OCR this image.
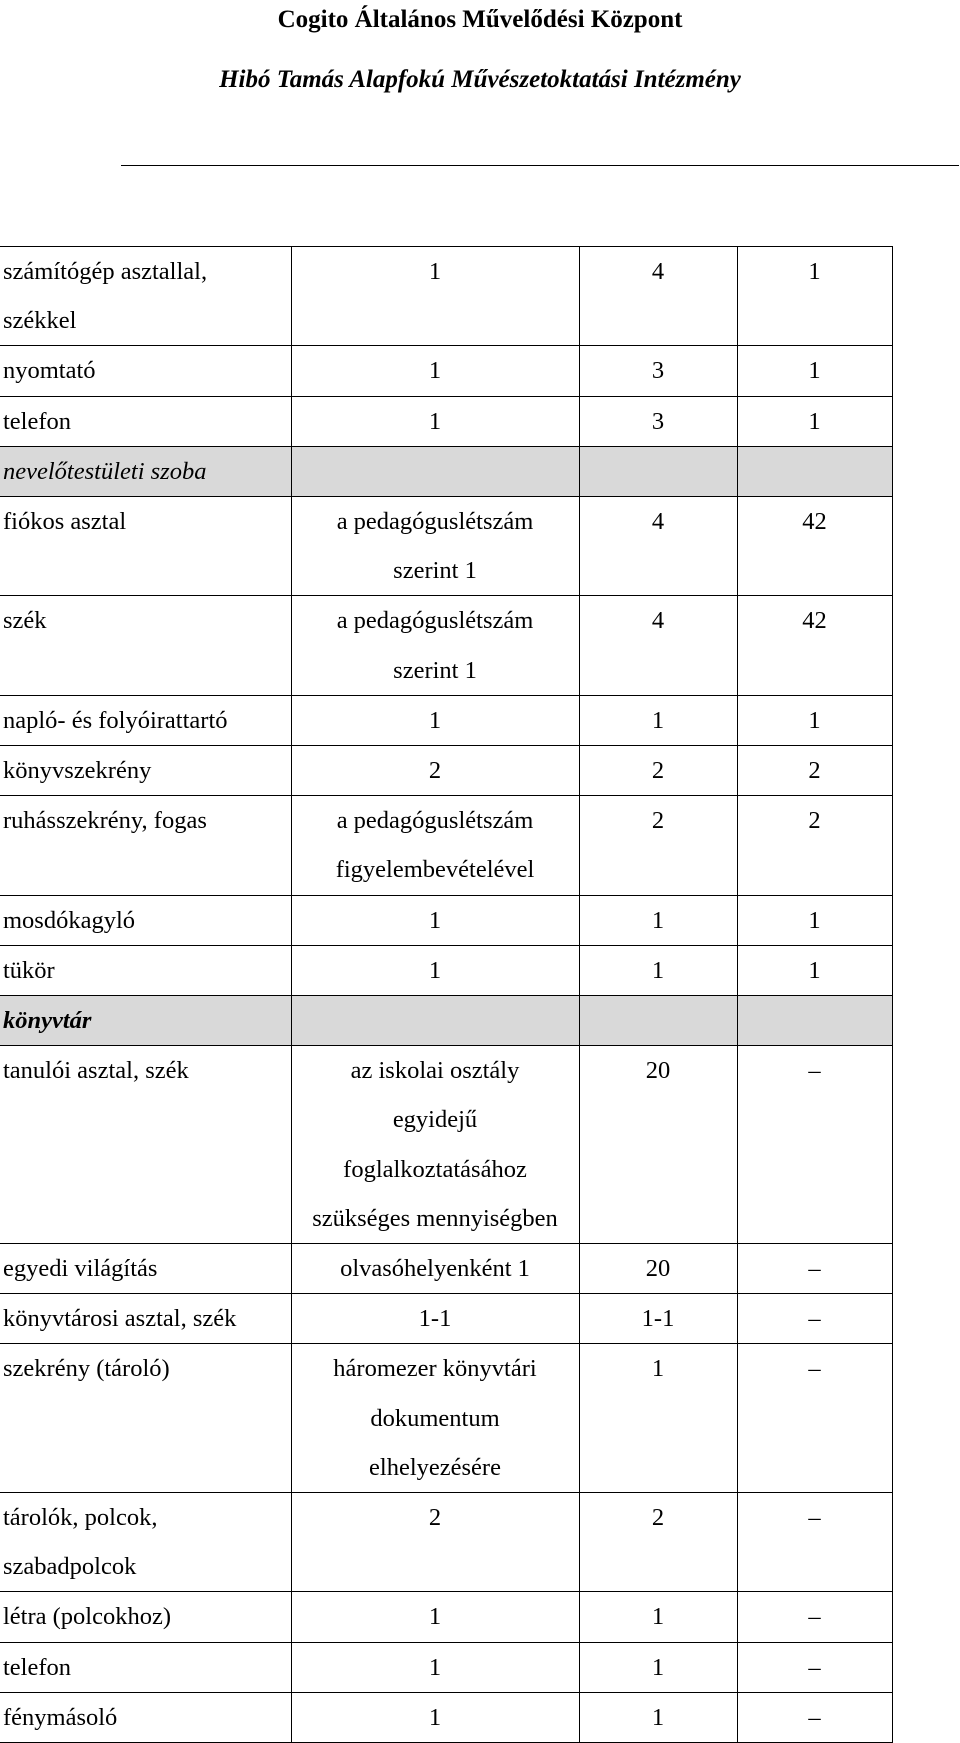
Cogito Általános Művelődési Központ
Hibó Tamás Alapfokú Művészetoktatási Intézmény
számítógép asztallal,
székkel	1	4	1

nyomtató	1	3	1

telefon	1	3	1

nevelőtestületi szoba			

fiókos asztal	a pedagóguslétszám
szerint 1	4	42

szék	a pedagóguslétszám
szerint 1	4	42

napló- és folyóirattartó	1	1	1

könyvszekrény	2	2	2

ruhásszekrény, fogas	a pedagóguslétszám
figyelembevételével	2	2

mosdókagyló	1	1	1

tükör	1	1	1

könyvtár			

tanulói asztal, szék	az iskolai osztály
egyidejű
foglalkoztatásához
szükséges mennyiségben	20	–

egyedi világítás	olvasóhelyenként 1	20	–

könyvtárosi asztal, szék	1-1	1-1	–

szekrény (tároló)	háromezer könyvtári
dokumentum
elhelyezésére	1	–

tárolók, polcok,
szabadpolcok	2	2	–

létra (polcokhoz)	1	1	–

telefon	1	1	–

fénymásoló	1	1	–
